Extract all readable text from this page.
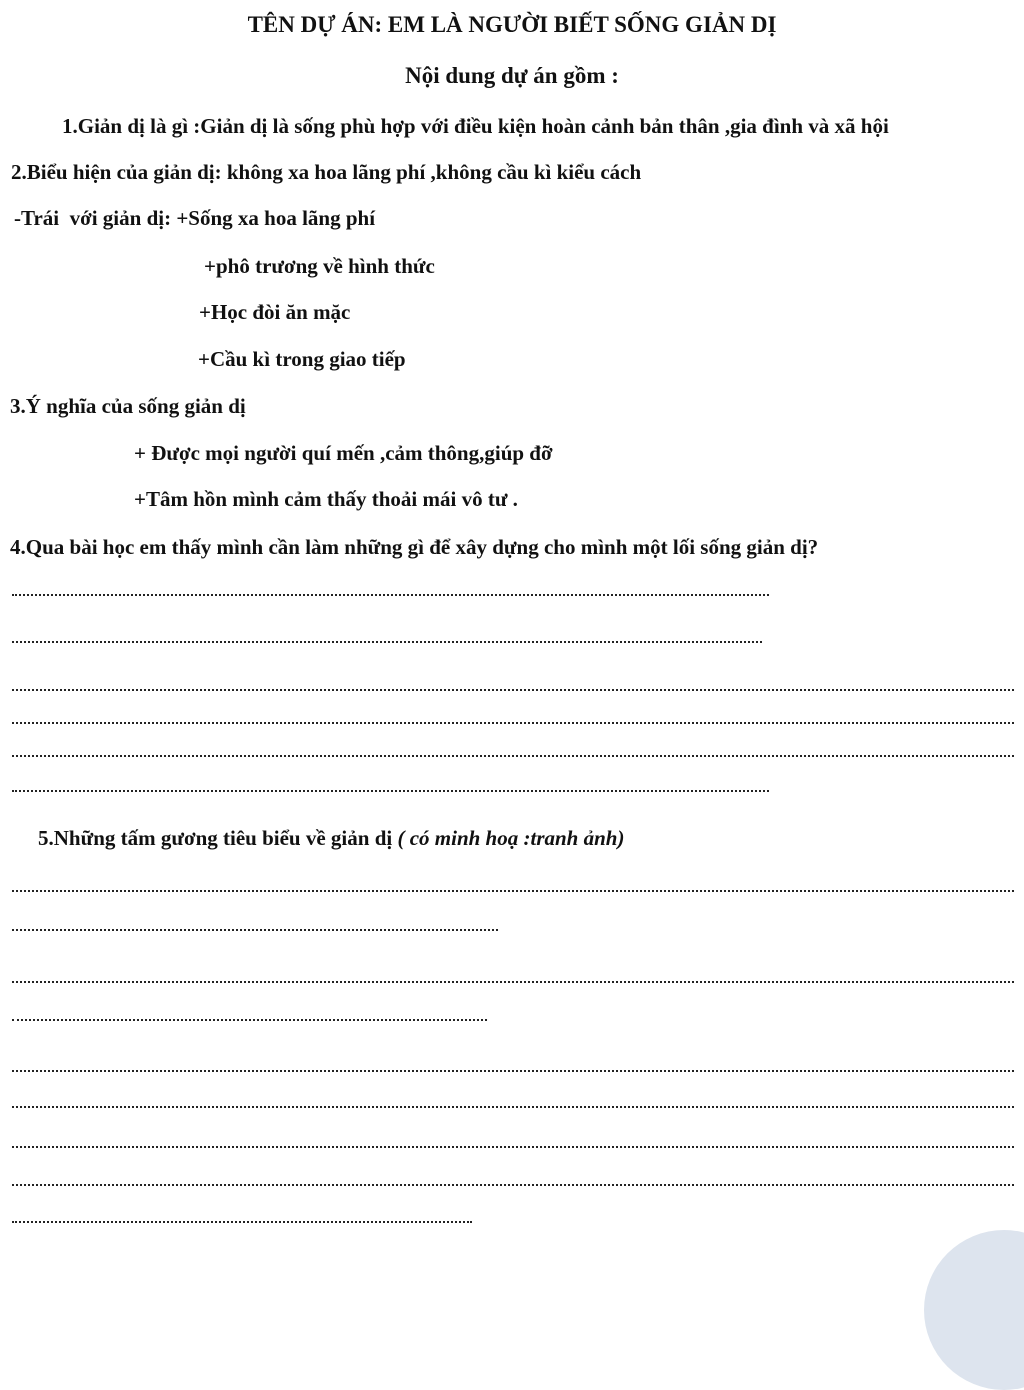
TÊN DỰ ÁN: EM LÀ NGƯỜI BIẾT SỐNG GIẢN DỊ
Nội dung dự án gồm :
1.Giản dị là gì :Giản dị là sống phù hợp với điều kiện hoàn cảnh bản thân ,gia đình và xã hội
2.Biểu hiện của giản dị: không xa hoa lãng phí ,không cầu kì kiểu cách
-Trái  với giản dị: +Sống xa hoa lãng phí
+phô trương về hình thức
+Học đòi ăn mặc
+Cầu kì trong giao tiếp
3.Ý nghĩa của sống giản dị
+ Được mọi người quí mến ,cảm thông,giúp đỡ
+Tâm hồn mình cảm thấy thoải mái vô tư .
4.Qua bài học em thấy mình cần làm những gì để xây dựng cho mình một lối sống giản dị?
5.Những tấm gương tiêu biểu về giản dị ( có minh hoạ :tranh ảnh)
